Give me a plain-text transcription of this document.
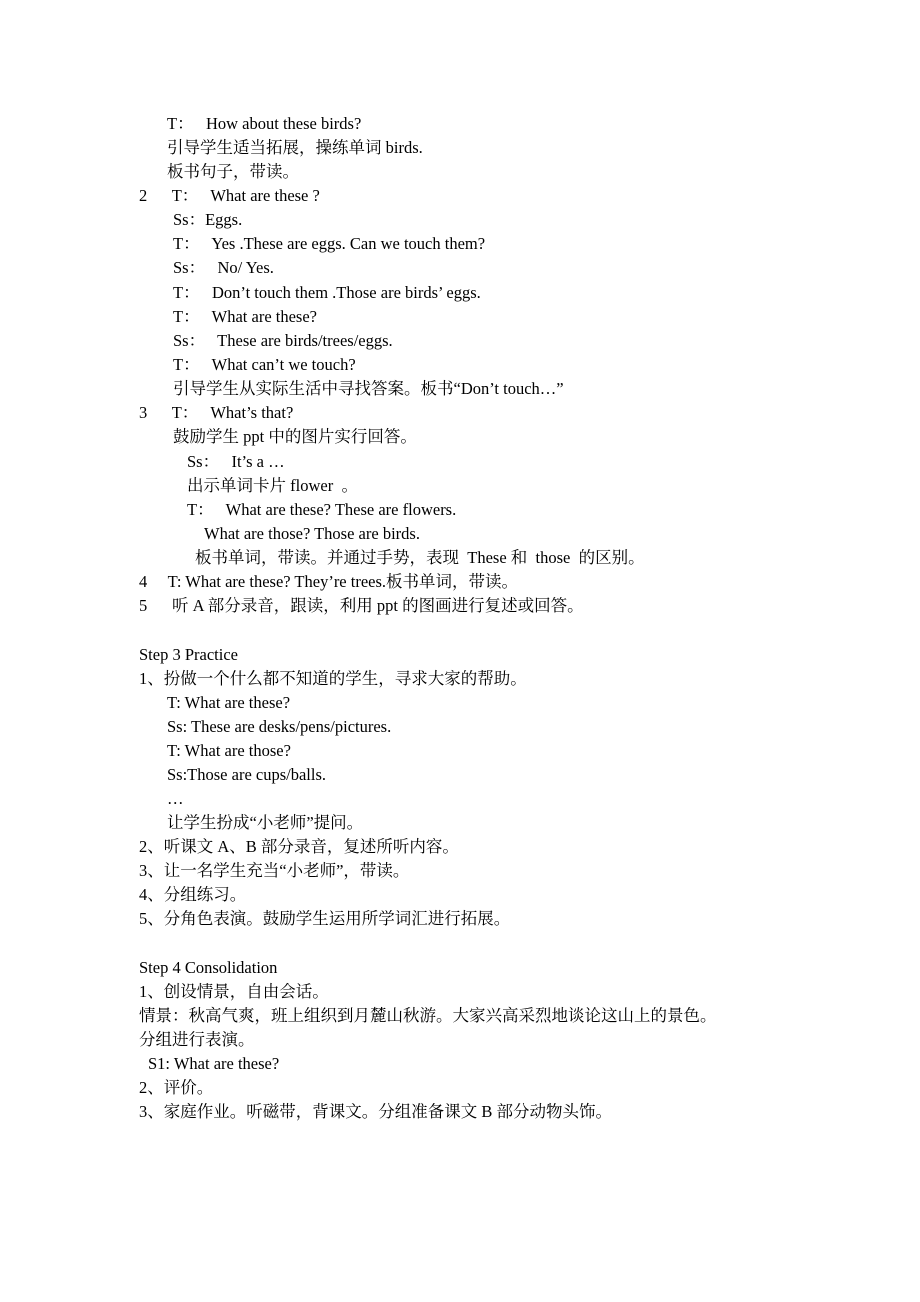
T：   How about these birds?
引导学生适当拓展，操练单词 birds.
板书句子，带读。
2      T：   What are these ?
Ss：Eggs.
T：   Yes .These are eggs. Can we touch them?
Ss：   No/ Yes.
T：   Don’t touch them .Those are birds’ eggs.
T：   What are these?
Ss：   These are birds/trees/eggs.
T：   What can’t we touch?
引导学生从实际生活中寻找答案。板书“Don’t touch…”
3      T：   What’s that?
鼓励学生 ppt 中的图片实行回答。
Ss：   It’s a …
出示单词卡片 flower  。
T：   What are these? These are flowers.
What are those? Those are birds.
板书单词，带读。并通过手势，表现  These 和  those  的区别。
4     T: What are these? They’re trees.板书单词，带读。
5      听 A 部分录音，跟读，利用 ppt 的图画进行复述或回答。
Step 3 Practice
1、扮做一个什么都不知道的学生，寻求大家的帮助。
T: What are these?
Ss: These are desks/pens/pictures.
T: What are those?
Ss:Those are cups/balls.
…
让学生扮成“小老师”提问。
2、听课文 A、B 部分录音，复述所听内容。
3、让一名学生充当“小老师”，带读。
4、分组练习。
5、分角色表演。鼓励学生运用所学词汇进行拓展。
Step 4 Consolidation
1、创设情景，自由会话。
情景：秋高气爽，班上组织到月麓山秋游。大家兴高采烈地谈论这山上的景色。
分组进行表演。
S1: What are these?
2、评价。
3、家庭作业。听磁带，背课文。分组准备课文 B 部分动物头饰。
